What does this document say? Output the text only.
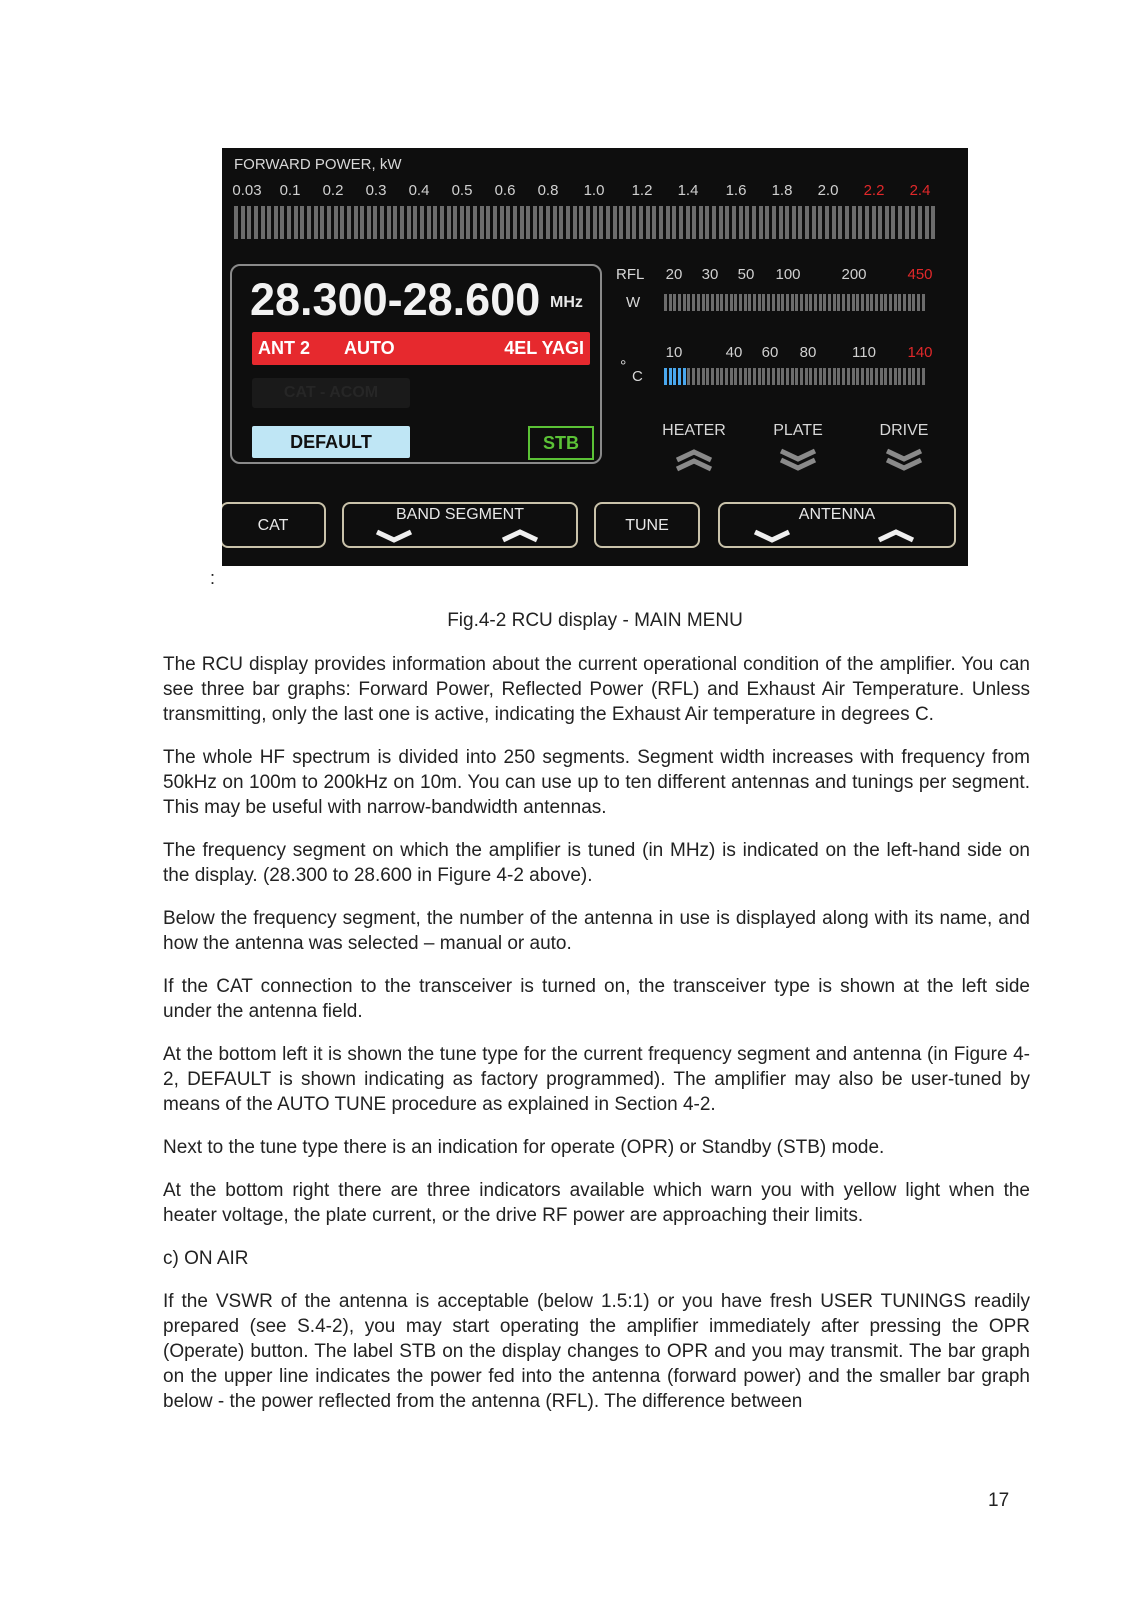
FORWARD POWER, kW
0.03 0.1 0.2 0.3 0.4 0.5 0.6 0.8 1.0 1.2 1.4 1.6 1.8 2.0 2.2 2.4
28.300-28.600 MHz
ANT 2 AUTO	4EL YAGI
CAT - ACOM
DEFAULT	STB
RFL
W
20 30 50 100	200	450
°
C
10	40 60 80 110 140
HEATER	PLATE	DRIVE
CAT
BAND SEGMENT
TUNE
ANTENNA
:
Fig.4-2 RCU display - MAIN MENU

The RCU display provides information about the current operational condition of the amplifier. You can see three bar graphs: Forward Power, Reflected Power (RFL) and Exhaust Air Temperature. Unless transmitting, only the last one is active, indicating the Exhaust Air temperature in degrees C.

The whole HF spectrum is divided into 250 segments. Segment width increases with frequency from 50kHz on 100m to 200kHz on 10m. You can use up to ten different antennas and tunings per segment. This may be useful with narrow-bandwidth antennas.

The frequency segment on which the amplifier is tuned (in MHz) is indicated on the left-hand side on the display. (28.300 to 28.600 in Figure 4-2 above).

Below the frequency segment, the number of the antenna in use is displayed along with its name, and how the antenna was selected – manual or auto.

If the CAT connection to the transceiver is turned on, the transceiver type is shown at the left side under the antenna field.

At the bottom left it is shown the tune type for the current frequency segment and antenna (in Figure 4-2, DEFAULT is shown indicating as factory programmed). The amplifier may also be user-tuned by means of the AUTO TUNE procedure as explained in Section 4-2.

Next to the tune type there is an indication for operate (OPR) or Standby (STB) mode.

At the bottom right there are three indicators available which warn you with yellow light when the heater voltage, the plate current, or the drive RF power are approaching their limits.

c) ON AIR

If the VSWR of the antenna is acceptable (below 1.5:1) or you have fresh USER TUNINGS readily prepared (see S.4-2), you may start operating the amplifier immediately after pressing the OPR (Operate) button. The label STB on the display changes to OPR and you may transmit. The bar graph on the upper line indicates the power fed into the antenna (forward power) and the smaller bar graph below - the power reflected from the antenna (RFL). The difference between

17
